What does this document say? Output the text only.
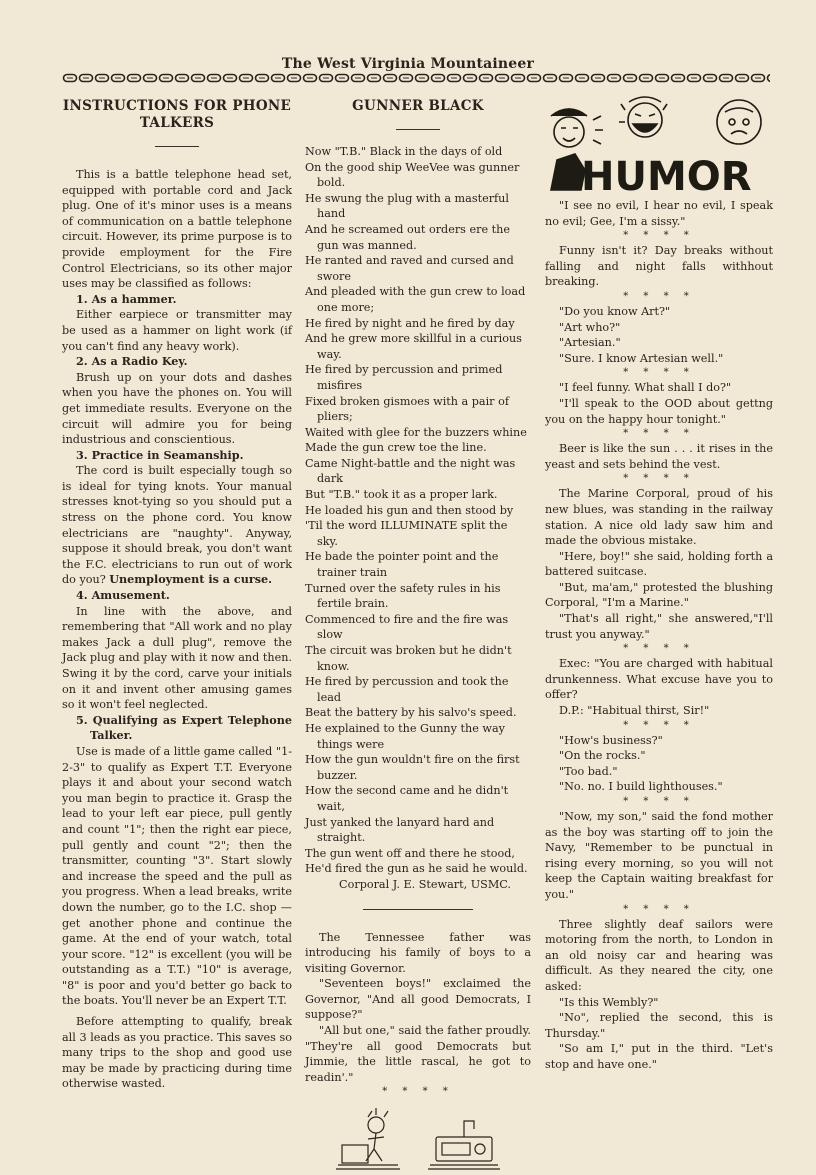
The West Virginia Mountaineer
INSTRUCTIONS FOR PHONE TALKERS

This is a battle telephone head set, equipped with portable cord and Jack plug. One of it's minor uses is a means of communication on a battle telephone circuit. However, its prime purpose is to provide employment for the Fire Control Electricians, so its other major uses may be classified as follows:

1. As a hammer.

Either earpiece or transmitter may be used as a hammer on light work (if you can't find any heavy work).

2. As a Radio Key.

Brush up on your dots and dashes when you have the phones on. You will get immediate results. Everyone on the circuit will admire you for being industrious and conscientious.

3. Practice in Seamanship.

The cord is built especially tough so is ideal for tying knots. Your manual stresses knot-tying so you should put a stress on the phone cord. You know electricians are "naughty". Anyway, suppose it should break, you don't want the F.C. electricians to run out of work do you? Unemployment is a curse.

4. Amusement.

In line with the above, and remembering that "All work and no play makes Jack a dull plug", remove the Jack plug and play with it now and then. Swing it by the cord, carve your initials on it and invent other amusing games so it won't feel neglected.

5. Qualifying as Expert Telephone Talker.

Use is made of a little game called "1-2-3" to qualify as Expert T.T. Everyone plays it and about your second watch you man begin to practice it. Grasp the lead to your left ear piece, pull gently and count "1"; then the right ear piece, pull gently and count "2"; then the transmitter, counting "3". Start slowly and increase the speed and the pull as you progress. When a lead breaks, write down the number, go to the I.C. shop — get another phone and continue the game. At the end of your watch, total your score. "12" is excellent (you will be outstanding as a T.T.) "10" is average, "8" is poor and you'd better go back to the boats. You'll never be an Expert T.T.

Before attempting to qualify, break all 3 leads as you practice. This saves so many trips to the shop and good use may be made by practicing during time otherwise wasted.

GUNNER BLACK

Now "T.B." Black in the days of old

On the good ship WeeVee was gunner bold.

He swung the plug with a masterful hand

And he screamed out orders ere the gun was manned.

He ranted and raved and cursed and swore

And pleaded with the gun crew to load one more;

He fired by night and he fired by day

And he grew more skillful in a curious way.

He fired by percussion and primed misfires

Fixed broken gismoes with a pair of pliers;

Waited with glee for the buzzers whine

Made the gun crew toe the line.

Came Night-battle and the night was dark

But "T.B." took it as a proper lark.

He loaded his gun and then stood by

'Til the word ILLUMINATE split the sky.

He bade the pointer point and the trainer train

Turned over the safety rules in his fertile brain.

Commenced to fire and the fire was slow

The circuit was broken but he didn't know.

He fired by percussion and took the lead

Beat the battery by his salvo's speed.

He explained to the Gunny the way things were

How the gun wouldn't fire on the first buzzer.

How the second came and he didn't wait,

Just yanked the lanyard hard and straight.

The gun went off and there he stood,

He'd fired the gun as he said he would.

Corporal J. E. Stewart, USMC.

The Tennessee father was introducing his family of boys to a visiting Governor.

"Seventeen boys!" exclaimed the Governor, "And all good Democrats, I suppose?"

"All but one," said the father proudly. "They're all good Democrats but Jimmie, the little rascal, he got to readin'."

* * * *

HUMOR

"I see no evil, I hear no evil, I speak no evil; Gee, I'm a sissy."

* * * *

Funny isn't it? Day breaks without falling and night falls withhout breaking.

* * * *

"Do you know Art?"

"Art who?"

"Artesian."

"Sure. I know Artesian well."

* * * *

"I feel funny. What shall I do?"

"I'll speak to the OOD about gettng you on the happy hour tonight."

* * * *

Beer is like the sun . . . it rises in the yeast and sets behind the vest.

* * * *

The Marine Corporal, proud of his new blues, was standing in the railway station. A nice old lady saw him and made the obvious mistake.

"Here, boy!" she said, holding forth a battered suitcase.

"But, ma'am," protested the blushing Corporal, "I'm a Marine."

"That's all right," she answered,"I'll trust you anyway."

* * * *

Exec: "You are charged with habitual drunkenness. What excuse have you to offer?

D.P.: "Habitual thirst, Sir!"

* * * *

"How's business?"

"On the rocks."

"Too bad."

"No. no. I build lighthouses."

* * * *

"Now, my son," said the fond mother as the boy was starting off to join the Navy, "Remember to be punctual in rising every morning, so you will not keep the Captain waiting breakfast for you."

* * * *

Three slightly deaf sailors were motoring from the north, to London in an old noisy car and hearing was difficult. As they neared the city, one asked:

"Is this Wembly?"

"No", replied the second, this is Thursday."

"So am I," put in the third. "Let's stop and have one."
